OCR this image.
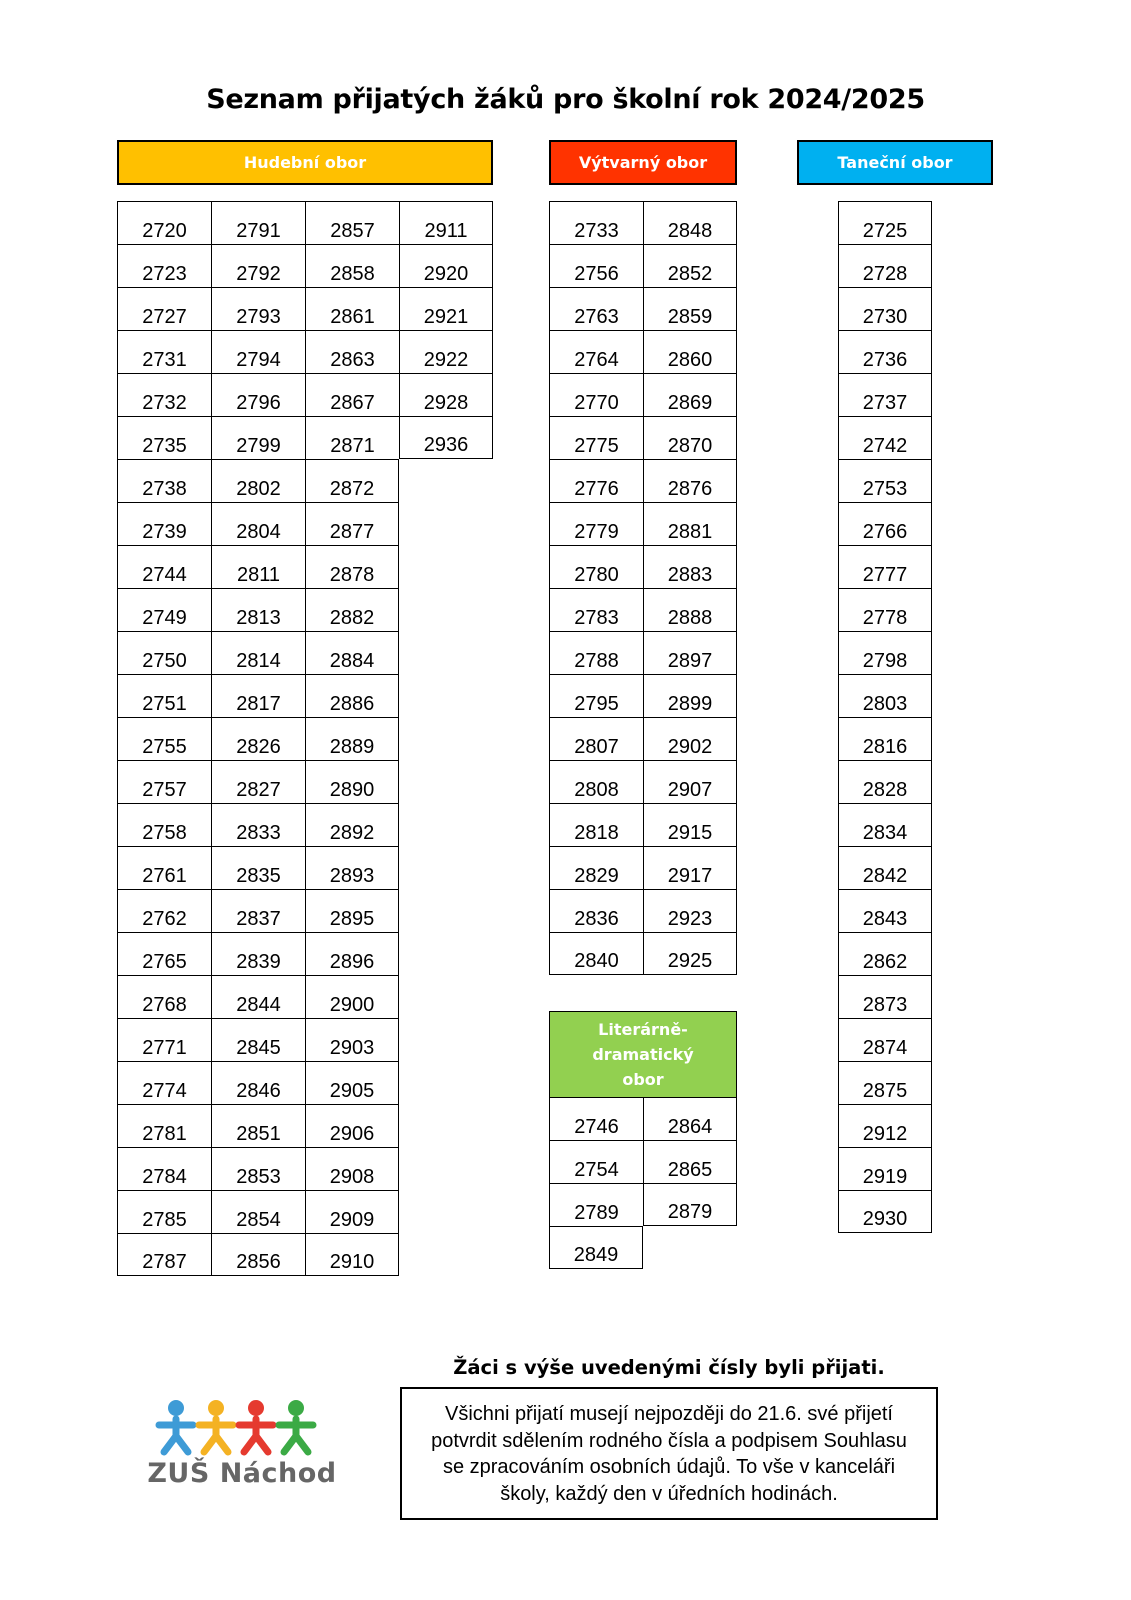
Seznam přijatých žáků pro školní rok 2024/2025
Hudební obor	Výtvarný obor	Taneční obor
Literárně-dramatický
obor
2720	2791	2857	2911
2723	2792	2858	2920
2727	2793	2861	2921
2731	2794	2863	2922
2732	2796	2867	2928
2735	2799	2871	2936
2738	2802	2872
2739	2804	2877
2744	2811	2878
2749	2813	2882
2750	2814	2884
2751	2817	2886
2755	2826	2889
2757	2827	2890
2758	2833	2892
2761	2835	2893
2762	2837	2895
2765	2839	2896
2768	2844	2900
2771	2845	2903
2774	2846	2905
2781	2851	2906
2784	2853	2908
2785	2854	2909
2787	2856	2910
2733	2848
2756	2852
2763	2859
2764	2860
2770	2869
2775	2870
2776	2876
2779	2881
2780	2883
2783	2888
2788	2897
2795	2899
2807	2902
2808	2907
2818	2915
2829	2917
2836	2923
2840	2925
2725
2728
2730
2736
2737
2742
2753
2766
2777
2778
2798
2803
2816
2828
2834
2842
2843
2862
2873
2874
2875
2912
2919
2930
2746	2864
2754	2865
2789	2879
2849
Žáci s výše uvedenými čísly byli přijati.
Všichni přijatí musejí nejpozději do 21.6. své přijetí
potvrdit sdělením rodného čísla a podpisem Souhlasu
se zpracováním osobních údajů. To vše v kanceláři
školy, každý den v úředních hodinách.
ZUŠ Náchod
